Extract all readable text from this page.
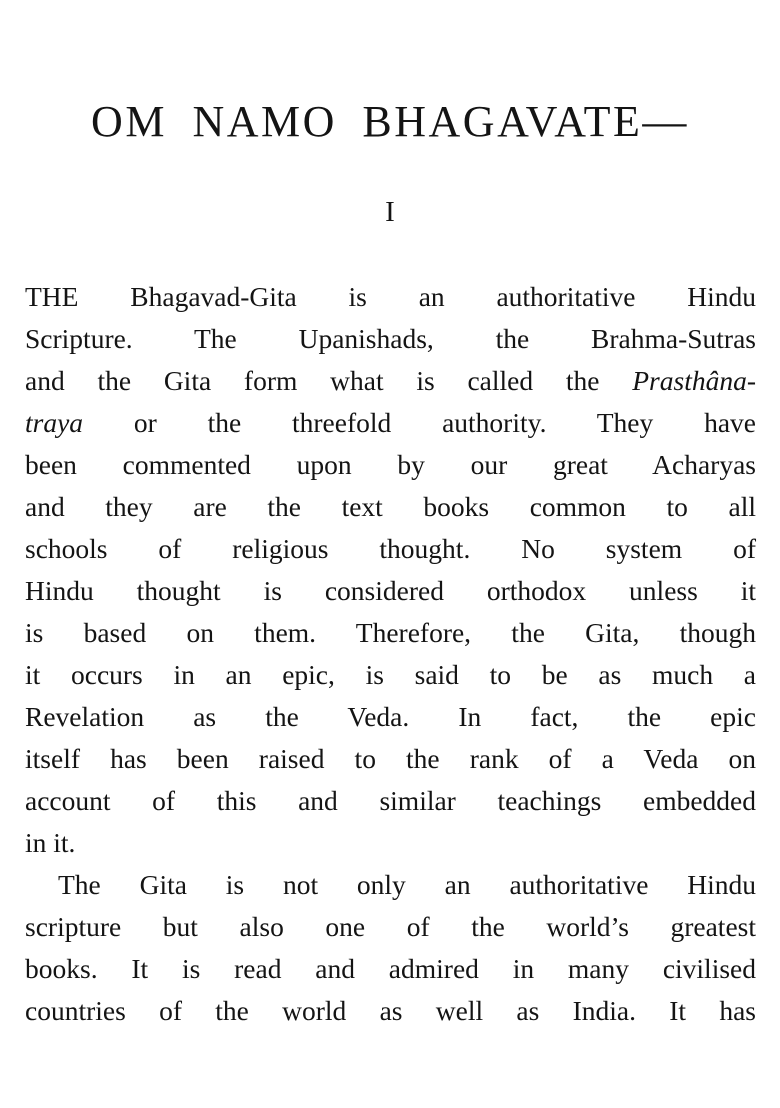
OM NAMO BHAGAVATE—
I
THE Bhagavad-Gita is an authoritative Hindu
Scripture. The Upanishads, the Brahma-Sutras
and the Gita form what is called the Prasthâna-
traya or the threefold authority. They have
been commented upon by our great Acharyas
and they are the text books common to all
schools of religious thought. No system of
Hindu thought is considered orthodox unless it
is based on them. Therefore, the Gita, though
it occurs in an epic, is said to be as much a
Revelation as the Veda. In fact, the epic
itself has been raised to the rank of a Veda on
account of this and similar teachings embedded
in it.
The Gita is not only an authoritative Hindu
scripture but also one of the world’s greatest
books. It is read and admired in many civilised
countries of the world as well as India. It has
